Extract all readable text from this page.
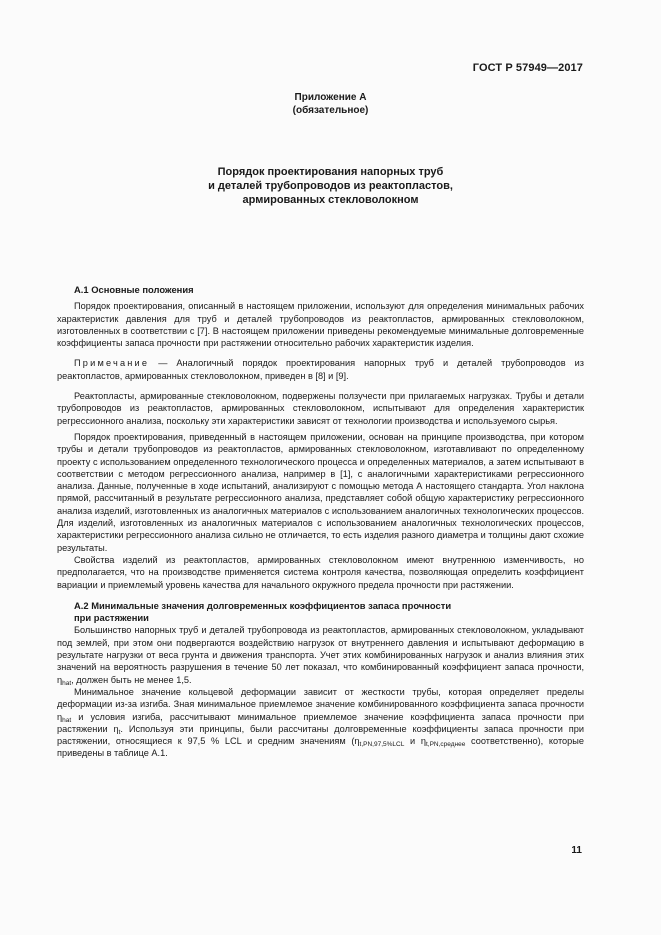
ГОСТ Р 57949—2017
Приложение А
(обязательное)
Порядок проектирования напорных труб
и деталей трубопроводов из реактопластов,
армированных стекловолокном
А.1 Основные положения

Порядок проектирования, описанный в настоящем приложении, используют для определения минимальных рабочих характеристик давления для труб и деталей трубопроводов из реактопластов, армированных стекловолокном, изготовленных в соответствии с [7]. В настоящем приложении приведены рекомендуемые минимальные долговременные коэффициенты запаса прочности при растяжении относительно рабочих характеристик изделия.

Примечание — Аналогичный порядок проектирования напорных труб и деталей трубопроводов из реактопластов, армированных стекловолокном, приведен в [8] и [9].

Реактопласты, армированные стекловолокном, подвержены ползучести при прилагаемых нагрузках. Трубы и детали трубопроводов из реактопластов, армированных стекловолокном, испытывают для определения характеристик регрессионного анализа, поскольку эти характеристики зависят от технологии производства и используемого сырья.

Порядок проектирования, приведенный в настоящем приложении, основан на принципе производства, при котором трубы и детали трубопроводов из реактопластов, армированных стекловолокном, изготавливают по определенному проекту с использованием определенного технологического процесса и определенных материалов, а затем испытывают в соответствии с методом регрессионного анализа, например в [1], с аналогичными характеристиками регрессионного анализа. Данные, полученные в ходе испытаний, анализируют с помощью метода А настоящего стандарта. Угол наклона прямой, рассчитанный в результате регрессионного анализа, представляет собой общую характеристику регрессионного анализа изделий, изготовленных из аналогичных материалов с использованием аналогичных технологических процессов. Для изделий, изготовленных из аналогичных материалов с использованием аналогичных технологических процессов, характеристики регрессионного анализа сильно не отличается, то есть изделия разного диаметра и толщины дают схожие результаты.

Свойства изделий из реактопластов, армированных стекловолокном имеют внутреннюю изменчивость, но предполагается, что на производстве применяется система контроля качества, позволяющая определить коэффициент вариации и приемлемый уровень качества для начального окружного предела прочности при растяжении.

А.2 Минимальные значения долговременных коэффициентов запаса прочности
при растяжении

Большинство напорных труб и деталей трубопровода из реактопластов, армированных стекловолокном, укладывают под землей, при этом они подвергаются воздействию нагрузок от внутреннего давления и испытывают деформацию в результате нагрузки от веса грунта и движения транспорта. Учет этих комбинированных нагрузок и анализ влияния этих значений на вероятность разрушения в течение 50 лет показал, что комбинированный коэффициент запаса прочности, $\eta_{hat}$, должен быть не менее 1,5.

Минимальное значение кольцевой деформации зависит от жесткости трубы, которая определяет пределы деформации из-за изгиба. Зная минимальное приемлемое значение комбинированного коэффициента запаса прочности $\eta_{hat}$ и условия изгиба, рассчитывают минимальное приемлемое значение коэффициента запаса прочности при растяжении $\eta_t$. Используя эти принципы, были рассчитаны долговременные коэффициенты запаса прочности при растяжении, относящиеся к 97,5 % LCL и средним значениям ($\eta_{t,PN,97,5\%LCL}$ и $\eta_{t,PN,среднее}$ соответственно), которые приведены в таблице А.1.

11
